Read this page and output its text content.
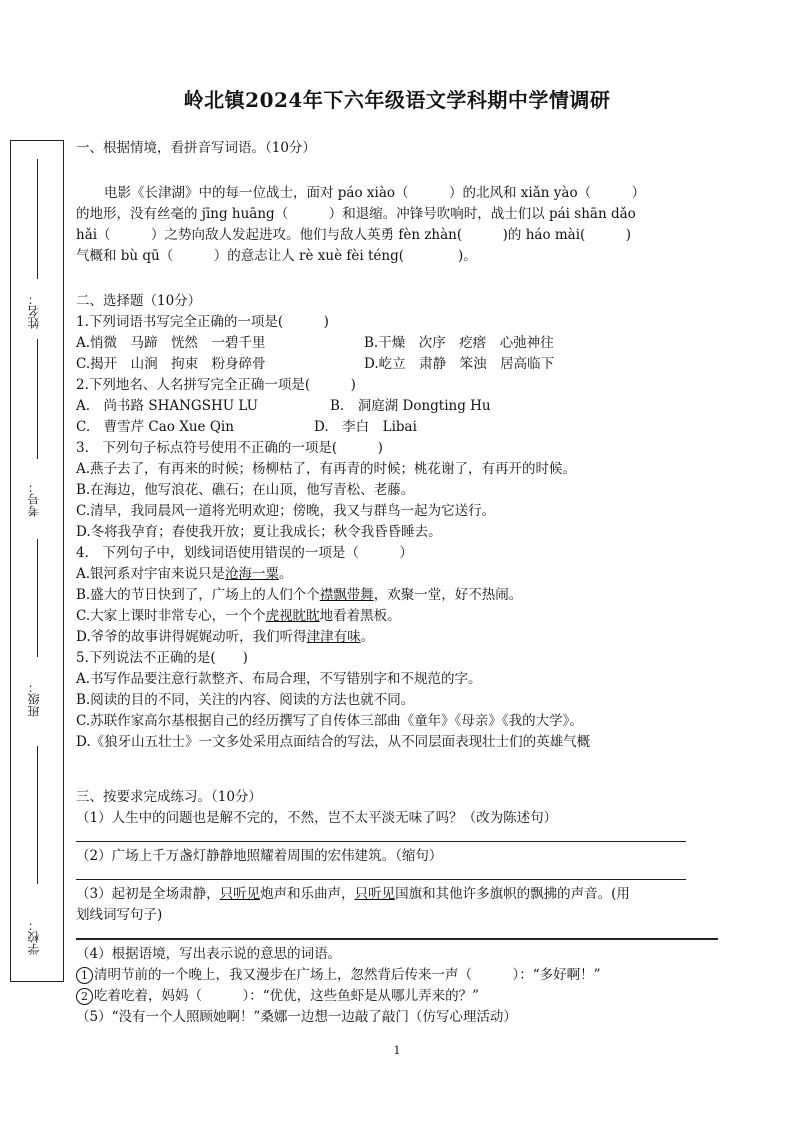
岭北镇2024年下六年级语文学科期中学情调研
姓名：
考号：
班级：
学校：
一、根据情境，看拼音写词语。（10分）
电影《长津湖》中的每一位战士，面对 páo xiào（　　　）的北风和 xiǎn yào（　　　）
的地形，没有丝毫的 jīng huāng（　　　）和退缩。冲锋号吹响时，战士们以 pái shān dǎo
hǎi（　　　）之势向敌人发起进攻。他们与敌人英勇 fèn zhàn(　　　)的 háo mài(　　　)
气概和 bù qū（　　　）的意志让人 rè xuè fèi téng(　　　　)。
二、选择题（10分）
1.下列词语书写完全正确的一项是(　　　)
A.悄微　马蹄　恍然　一碧千里	B.干燥　次序　疙瘩　心弛神往
C.揭开　山涧　拘束　粉身碎骨	D.屹立　肃静　笨浊　居高临下
2.下列地名、人名拼写完全正确一项是(　　　)
A.　尚书路 SHANGSHU LU	B.　洞庭湖 Dongting Hu
C.　曹雪芹 Cao Xue Qin	D.　李白　Libai
3.　下列句子标点符号使用不正确的一项是(　　　)
A.燕子去了，有再来的时候；杨柳枯了，有再青的时候；桃花谢了，有再开的时候。
B.在海边，他写浪花、礁石；在山顶，他写青松、老藤。
C.清早，我同晨风一道将光明欢迎；傍晚，我又与群鸟一起为它送行。
D.冬将我孕育；春使我开放；夏让我成长；秋令我昏昏睡去。
4.　下列句子中，划线词语使用错误的一项是（　　　）
A.银河系对宇宙来说只是沧海一粟。
B.盛大的节日快到了，广场上的人们个个襟飘带舞，欢聚一堂，好不热闹。
C.大家上课时非常专心，一个个虎视眈眈地看着黑板。
D.爷爷的故事讲得娓娓动听，我们听得津津有味。
5.下列说法不正确的是(　　)
A.书写作品要注意行款整齐、布局合理，不写错别字和不规范的字。
B.阅读的目的不同，关注的内容、阅读的方法也就不同。
C.苏联作家高尔基根据自己的经历撰写了自传体三部曲《童年》《母亲》《我的大学》。
D.《狼牙山五壮士》一文多处采用点面结合的写法，从不同层面表现壮士们的英雄气概
三、按要求完成练习。（10分）
（1）人生中的问题也是解不完的，不然，岂不太平淡无味了吗？（改为陈述句）
（2）广场上千万盏灯静静地照耀着周围的宏伟建筑。（缩句）
（3）起初是全场肃静，只听见炮声和乐曲声，只听见国旗和其他许多旗帜的飘拂的声音。(用
划线词写句子)
（4）根据语境，写出表示说的意思的词语。
1 清明节前的一个晚上，我又漫步在广场上，忽然背后传来一声（　　　）：“多好啊！”
2 吃着吃着，妈妈（　　　）：“优优，这些鱼虾是从哪儿弄来的？”
（5）“没有一个人照顾她啊！”桑娜一边想一边敲了敲门（仿写心理活动）
1
